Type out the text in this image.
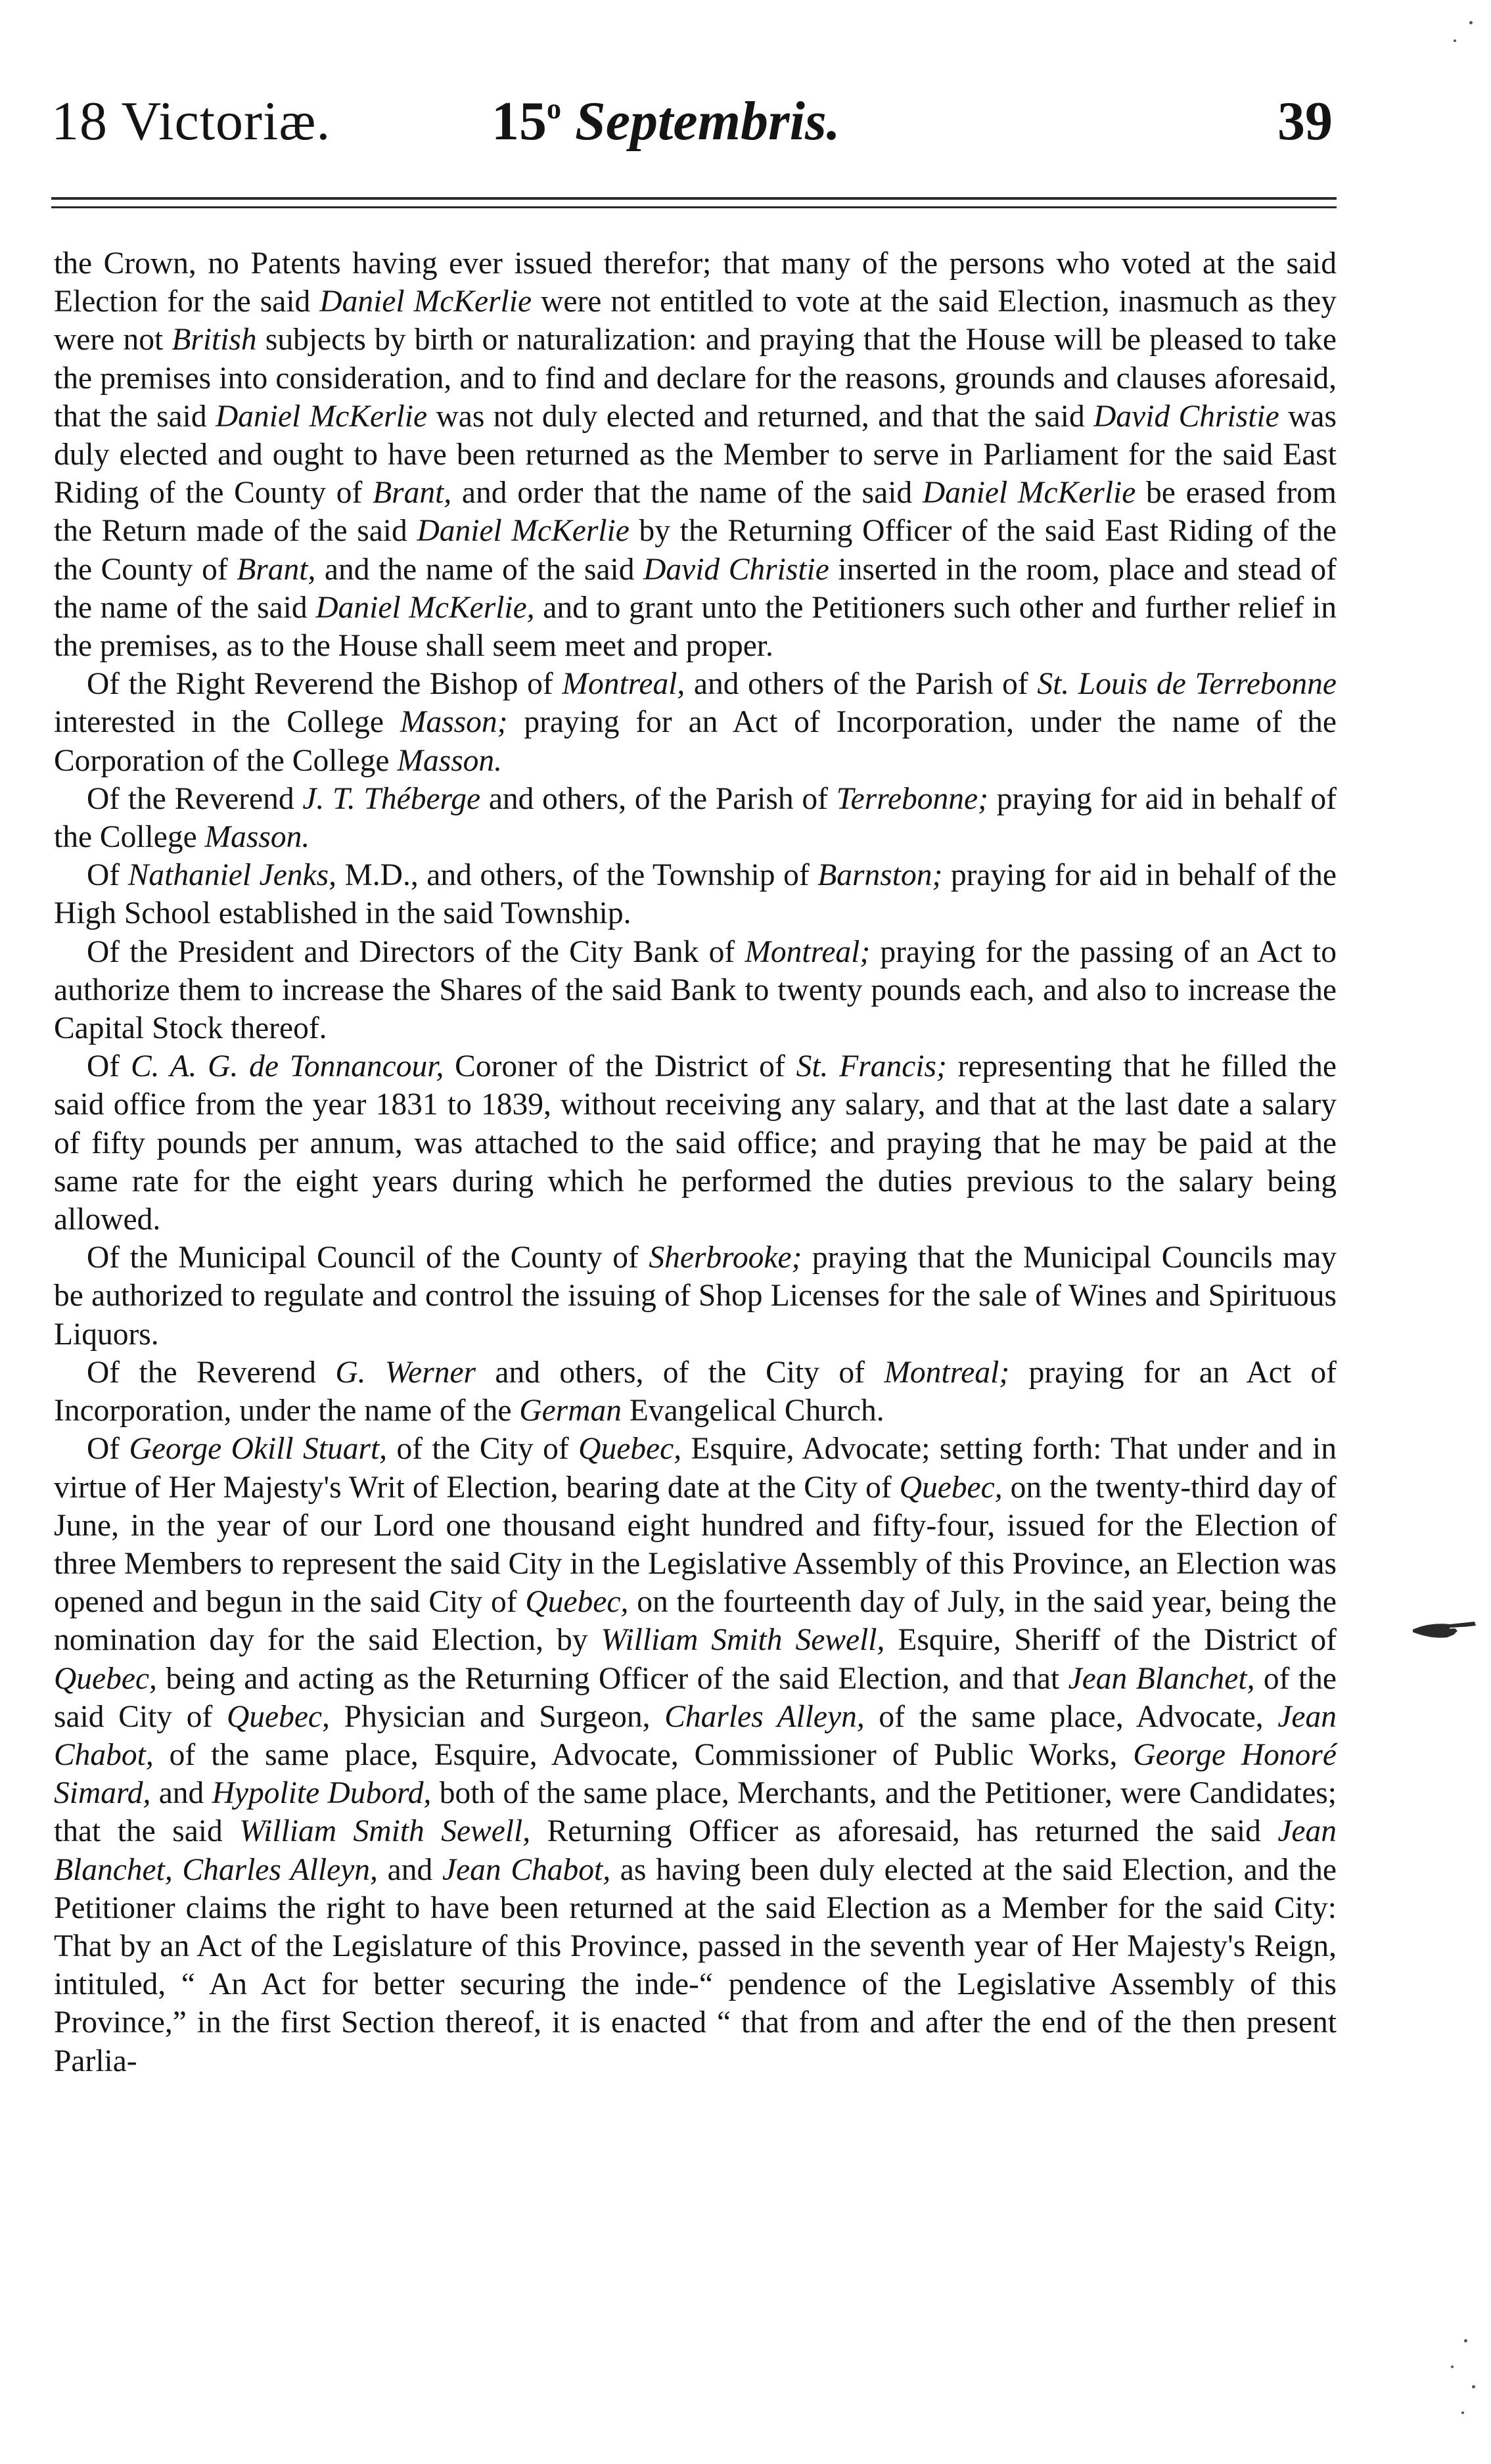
18 Victoriæ.	15$^o$ Septembris.	39

the Crown, no Patents having ever issued therefor; that many of the persons who voted at the said Election for the said Daniel McKerlie were not entitled to vote at the said Election, inasmuch as they were not British subjects by birth or naturalization: and praying that the House will be pleased to take the premises into consideration, and to find and declare for the reasons, grounds and clauses aforesaid, that the said Daniel McKerlie was not duly elected and returned, and that the said David Christie was duly elected and ought to have been returned as the Member to serve in Parliament for the said East Riding of the County of Brant, and order that the name of the said Daniel McKerlie be erased from the Return made of the said Daniel McKerlie by the Returning Officer of the said East Riding of the the County of Brant, and the name of the said David Christie inserted in the room, place and stead of the name of the said Daniel McKerlie, and to grant unto the Petitioners such other and further relief in the premises, as to the House shall seem meet and proper.

Of the Right Reverend the Bishop of Montreal, and others of the Parish of St. Louis de Terrebonne interested in the College Masson; praying for an Act of Incorporation, under the name of the Corporation of the College Masson.

Of the Reverend J. T. Théberge and others, of the Parish of Terrebonne; praying for aid in behalf of the College Masson.

Of Nathaniel Jenks, M.D., and others, of the Township of Barnston; praying for aid in behalf of the High School established in the said Township.

Of the President and Directors of the City Bank of Montreal; praying for the passing of an Act to authorize them to increase the Shares of the said Bank to twenty pounds each, and also to increase the Capital Stock thereof.

Of C. A. G. de Tonnancour, Coroner of the District of St. Francis; representing that he filled the said office from the year 1831 to 1839, without receiving any salary, and that at the last date a salary of fifty pounds per annum, was attached to the said office; and praying that he may be paid at the same rate for the eight years during which he performed the duties previous to the salary being allowed.

Of the Municipal Council of the County of Sherbrooke; praying that the Municipal Councils may be authorized to regulate and control the issuing of Shop Licenses for the sale of Wines and Spirituous Liquors.

Of the Reverend G. Werner and others, of the City of Montreal; praying for an Act of Incorporation, under the name of the German Evangelical Church.

Of George Okill Stuart, of the City of Quebec, Esquire, Advocate; setting forth: That under and in virtue of Her Majesty's Writ of Election, bearing date at the City of Quebec, on the twenty-third day of June, in the year of our Lord one thousand eight hundred and fifty-four, issued for the Election of three Members to represent the said City in the Legislative Assembly of this Province, an Election was opened and begun in the said City of Quebec, on the fourteenth day of July, in the said year, being the nomination day for the said Election, by William Smith Sewell, Esquire, Sheriff of the District of Quebec, being and acting as the Returning Officer of the said Election, and that Jean Blanchet, of the said City of Quebec, Physician and Surgeon, Charles Alleyn, of the same place, Advocate, Jean Chabot, of the same place, Esquire, Advocate, Commissioner of Public Works, George Honoré Simard, and Hypolite Dubord, both of the same place, Merchants, and the Petitioner, were Candidates; that the said William Smith Sewell, Returning Officer as aforesaid, has returned the said Jean Blanchet, Charles Alleyn, and Jean Chabot, as having been duly elected at the said Election, and the Petitioner claims the right to have been returned at the said Election as a Member for the said City: That by an Act of the Legislature of this Province, passed in the seventh year of Her Majesty's Reign, intituled, “ An Act for better securing the inde-“ pendence of the Legislative Assembly of this Province,” in the first Section thereof, it is enacted “ that from and after the end of the then present Parlia-
